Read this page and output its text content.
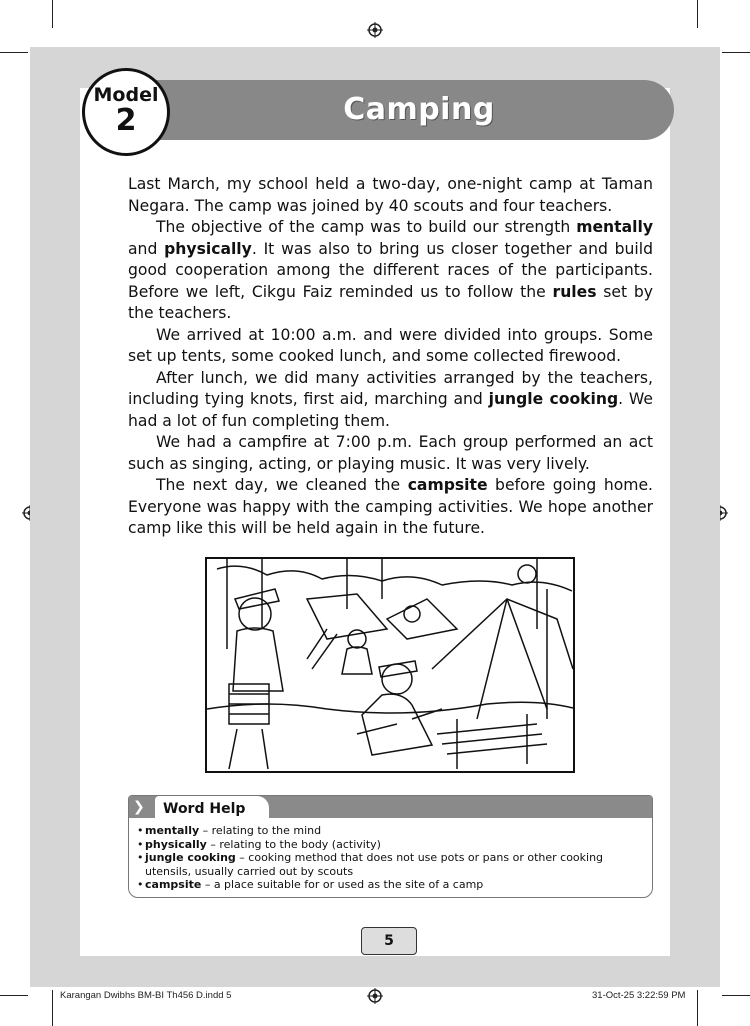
Camping
Model
2

Last March, my school held a two-day, one-night camp at Taman Negara. The camp was joined by 40 scouts and four teachers.

The objective of the camp was to build our strength mentally and physically. It was also to bring us closer together and build good cooperation among the different races of the participants. Before we left, Cikgu Faiz reminded us to follow the rules set by the teachers.

We arrived at 10:00 a.m. and were divided into groups. Some set up tents, some cooked lunch, and some collected firewood.

After lunch, we did many activities arranged by the teachers, including tying knots, first aid, marching and jungle cooking. We had a lot of fun completing them.

We had a campfire at 7:00 p.m. Each group performed an act such as singing, acting, or playing music. It was very lively.

The next day, we cleaned the campsite before going home. Everyone was happy with the camping activities. We hope another camp like this will be held again in the future.

❯	Word Help
• mentally – relating to the mind
• physically – relating to the body (activity)
• jungle cooking – cooking method that does not use pots or pans or other cooking utensils, usually carried out by scouts
• campsite – a place suitable for or used as the site of a camp
5
Karangan Dwibhs BM-BI Th456 D.indd 5	31-Oct-25 3:22:59 PM
